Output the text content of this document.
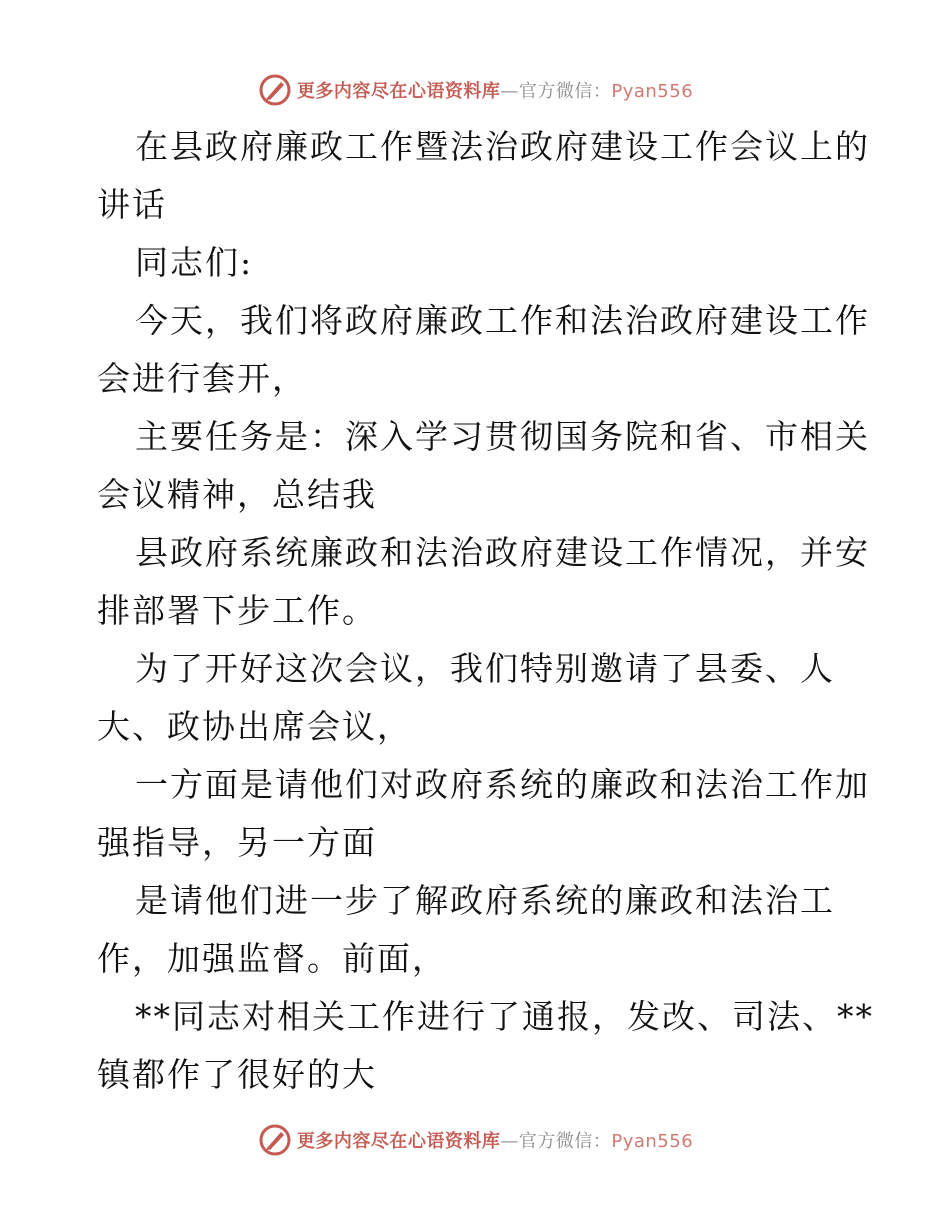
更多内容尽在心语资料库—官方微信：Pyan556

在县政府廉政工作暨法治政府建设工作会议上的

讲话

同志们:

今天，我们将政府廉政工作和法治政府建设工作

会进行套开，

主要任务是：深入学习贯彻国务院和省、市相关

会议精神，总结我

县政府系统廉政和法治政府建设工作情况，并安

排部署下步工作。

为了开好这次会议，我们特别邀请了县委、人

大、政协出席会议，

一方面是请他们对政府系统的廉政和法治工作加

强指导，另一方面

是请他们进一步了解政府系统的廉政和法治工

作，加强监督。前面，

**同志对相关工作进行了通报，发改、司法、**

镇都作了很好的大

更多内容尽在心语资料库—官方微信：Pyan556
